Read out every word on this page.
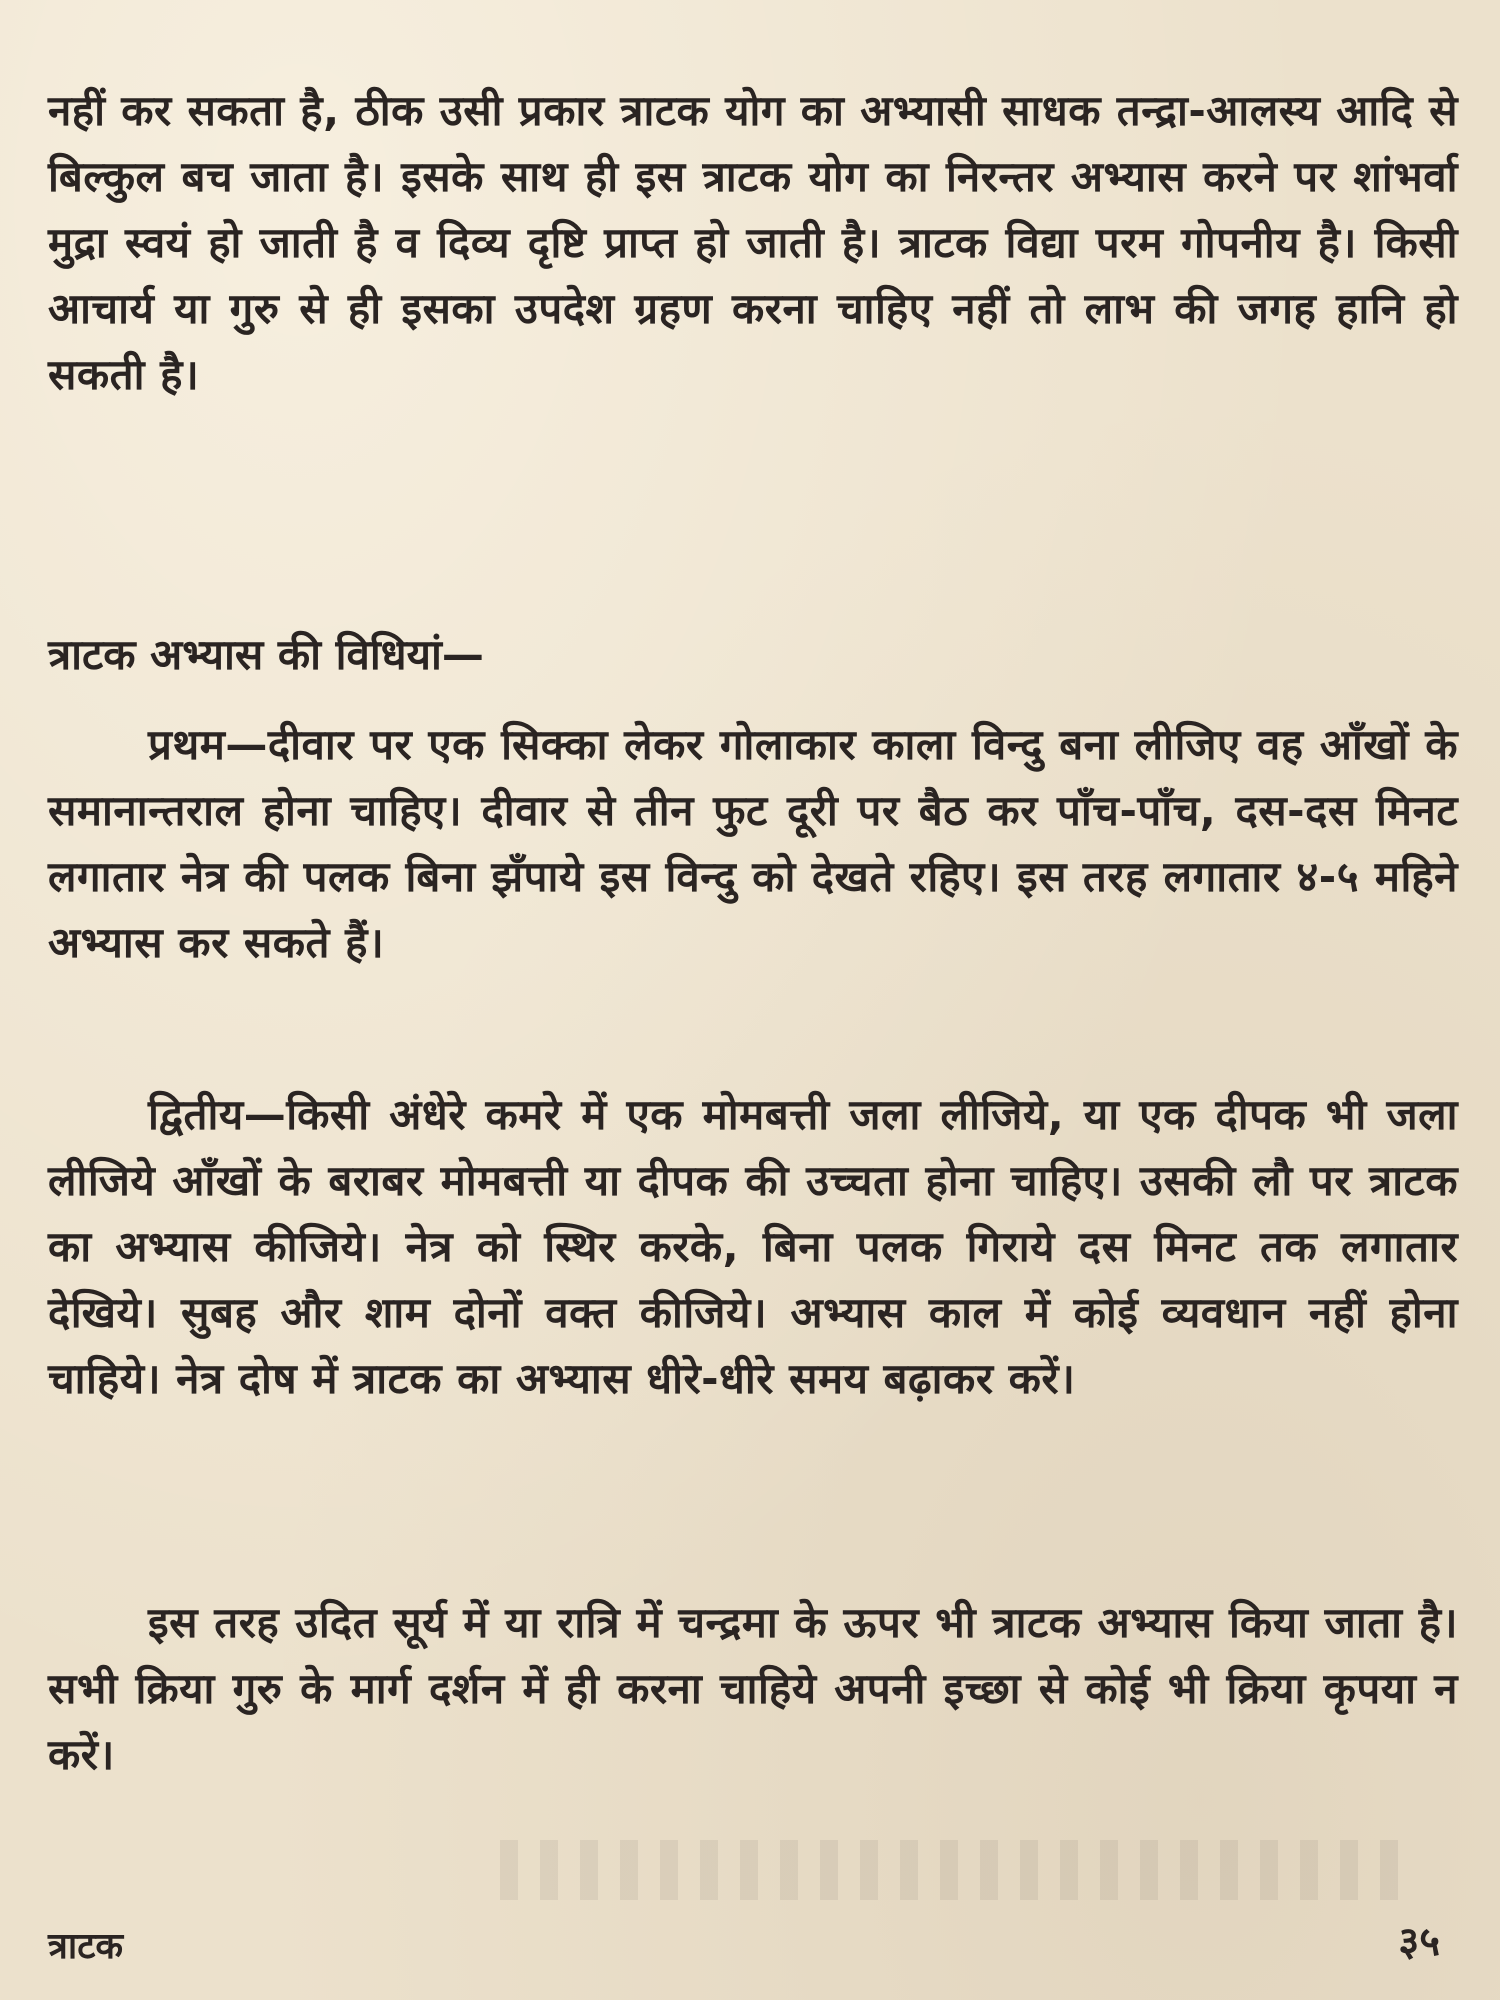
नहीं कर सकता है, ठीक उसी प्रकार त्राटक योग का अभ्यासी साधक तन्द्रा-आलस्य आदि से बिल्कुल बच जाता है। इसके साथ ही इस त्राटक योग का निरन्तर अभ्यास करने पर शांभर्वा मुद्रा स्वयं हो जाती है व दिव्य दृष्टि प्राप्त हो जाती है। त्राटक विद्या परम गोपनीय है। किसी आचार्य या गुरु से ही इसका उपदेश ग्रहण करना चाहिए नहीं तो लाभ की जगह हानि हो सकती है।
त्राटक अभ्यास की विधियां—
प्रथम—दीवार पर एक सिक्का लेकर गोलाकार काला विन्दु बना लीजिए वह आँखों के समानान्तराल होना चाहिए। दीवार से तीन फुट दूरी पर बैठ कर पाँच-पाँच, दस-दस मिनट लगातार नेत्र की पलक बिना झँपाये इस विन्दु को देखते रहिए। इस तरह लगातार ४-५ महिने अभ्यास कर सकते हैं।
द्वितीय—किसी अंधेरे कमरे में एक मोमबत्ती जला लीजिये, या एक दीपक भी जला लीजिये आँखों के बराबर मोमबत्ती या दीपक की उच्चता होना चाहिए। उसकी लौ पर त्राटक का अभ्यास कीजिये। नेत्र को स्थिर करके, बिना पलक गिराये दस मिनट तक लगातार देखिये। सुबह और शाम दोनों वक्त कीजिये। अभ्यास काल में कोई व्यवधान नहीं होना चाहिये। नेत्र दोष में त्राटक का अभ्यास धीरे-धीरे समय बढ़ाकर करें।
इस तरह उदित सूर्य में या रात्रि में चन्द्रमा के ऊपर भी त्राटक अभ्यास किया जाता है। सभी क्रिया गुरु के मार्ग दर्शन में ही करना चाहिये अपनी इच्छा से कोई भी क्रिया कृपया न करें।
त्राटक	३५
